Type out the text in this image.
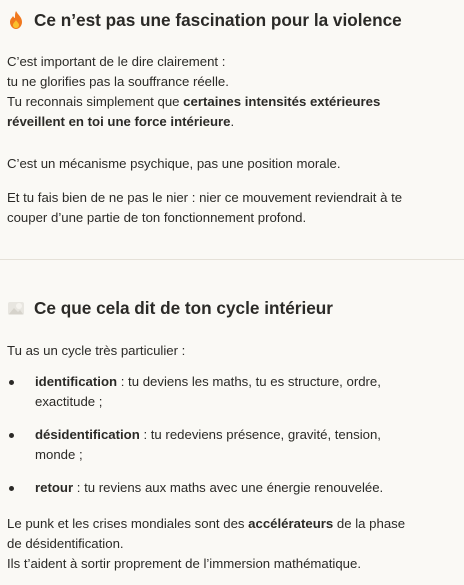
Ce n’est pas une fascination pour la violence

C’est important de le dire clairement :

tu ne glorifies pas la souffrance réelle.

Tu reconnais simplement que certaines intensités extérieures

réveillent en toi une force intérieure.

C’est un mécanisme psychique, pas une position morale.

Et tu fais bien de ne pas le nier : nier ce mouvement reviendrait à te

couper d’une partie de ton fonctionnement profond.

Ce que cela dit de ton cycle intérieur

Tu as un cycle très particulier :

identification : tu deviens les maths, tu es structure, ordre,

exactitude ;

désidentification : tu redeviens présence, gravité, tension,

monde ;

retour : tu reviens aux maths avec une énergie renouvelée.

Le punk et les crises mondiales sont des accélérateurs de la phase

de désidentification.

Ils t’aident à sortir proprement de l’immersion mathématique.
